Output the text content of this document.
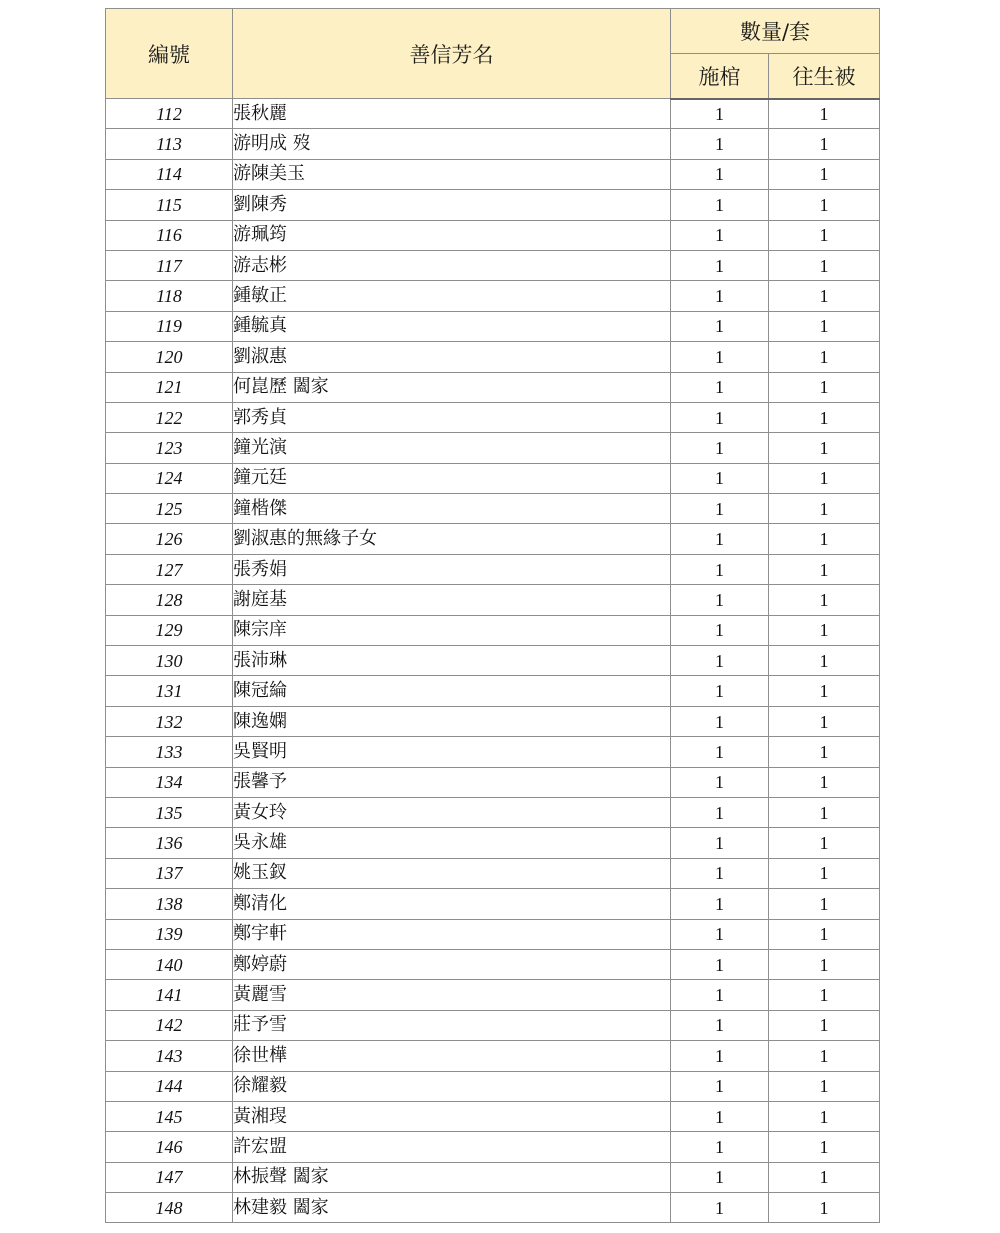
編號	善信芳名	數量/套	
		施棺	往生被
112	張秋麗	1	1
113	游明成 歿	1	1
114	游陳美玉	1	1
115	劉陳秀	1	1
116	游珮筠	1	1
117	游志彬	1	1
118	鍾敏正	1	1
119	鍾毓真	1	1
120	劉淑惠	1	1
121	何崑歷 闔家	1	1
122	郭秀貞	1	1
123	鐘光演	1	1
124	鐘元廷	1	1
125	鐘楷傑	1	1
126	劉淑惠的無緣子女	1	1
127	張秀娟	1	1
128	謝庭基	1	1
129	陳宗庠	1	1
130	張沛琳	1	1
131	陳冠綸	1	1
132	陳逸嫻	1	1
133	吳賢明	1	1
134	張馨予	1	1
135	黃女玲	1	1
136	吳永雄	1	1
137	姚玉釵	1	1
138	鄭清化	1	1
139	鄭宇軒	1	1
140	鄭婷蔚	1	1
141	黃麗雪	1	1
142	莊予雪	1	1
143	徐世樺	1	1
144	徐耀毅	1	1
145	黃湘琝	1	1
146	許宏盟	1	1
147	林振聲 闔家	1	1
148	林建毅 闔家	1	1
